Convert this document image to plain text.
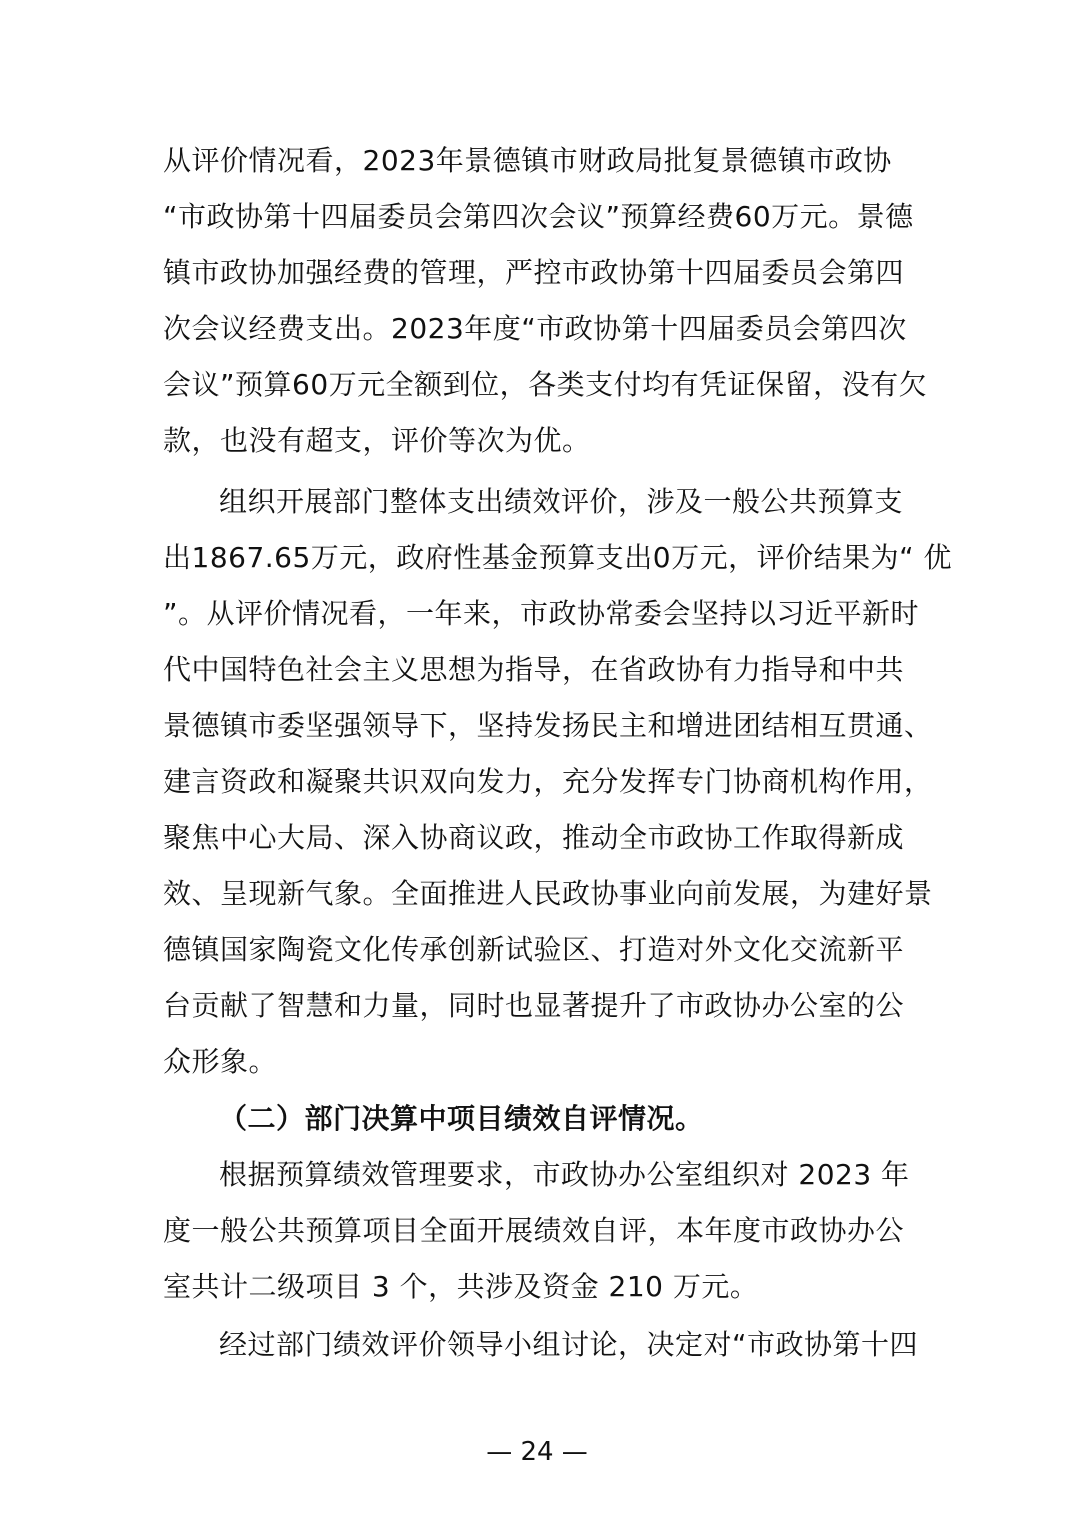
从评价情况看，2023年景德镇市财政局批复景德镇市政协
“市政协第十四届委员会第四次会议”预算经费60万元。景德
镇市政协加强经费的管理，严控市政协第十四届委员会第四
次会议经费支出。2023年度“市政协第十四届委员会第四次
会议”预算60万元全额到位，各类支付均有凭证保留，没有欠
款，也没有超支，评价等次为优。
组织开展部门整体支出绩效评价，涉及一般公共预算支
出1867.65万元，政府性基金预算支出0万元，评价结果为“ 优
”。从评价情况看，一年来，市政协常委会坚持以习近平新时
代中国特色社会主义思想为指导，在省政协有力指导和中共
景德镇市委坚强领导下，坚持发扬民主和增进团结相互贯通、
建言资政和凝聚共识双向发力，充分发挥专门协商机构作用，
聚焦中心大局、深入协商议政，推动全市政协工作取得新成
效、呈现新气象。全面推进人民政协事业向前发展，为建好景
德镇国家陶瓷文化传承创新试验区、打造对外文化交流新平
台贡献了智慧和力量，同时也显著提升了市政协办公室的公
众形象。
（二）部门决算中项目绩效自评情况。
根据预算绩效管理要求，市政协办公室组织对 2023 年
度一般公共预算项目全面开展绩效自评，本年度市政协办公
室共计二级项目 3 个，共涉及资金 210 万元。
经过部门绩效评价领导小组讨论，决定对“市政协第十四
— 24 —
